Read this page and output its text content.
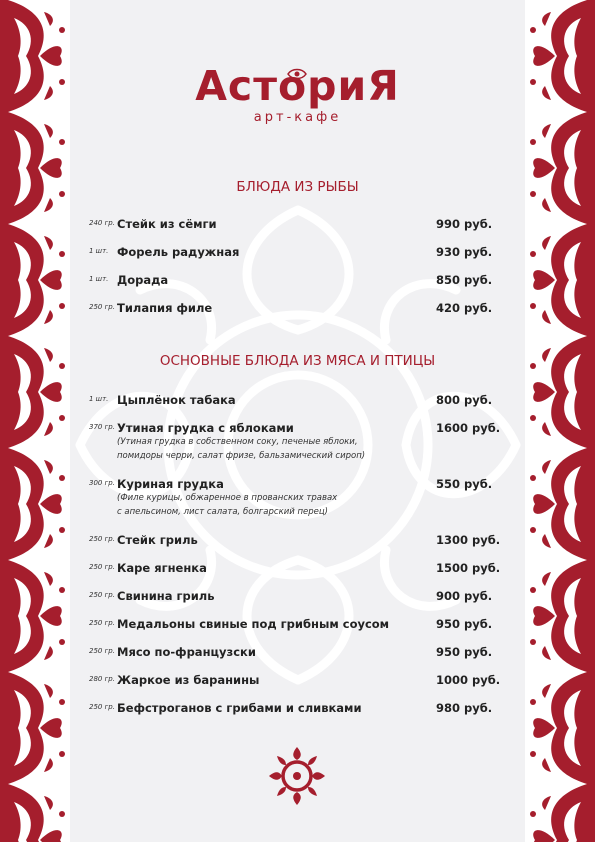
АсториЯ
арт-кафе
БЛЮДА ИЗ РЫБЫ
240 гр. Стейк из сёмги	990 руб.
1 шт. Форель радужная	930 руб.
1 шт. Дорада	850 руб.
250 гр. Тилапия филе	420 руб.
ОСНОВНЫЕ БЛЮДА ИЗ МЯСА И ПТИЦЫ
1 шт. Цыплёнок табака	800 руб.
370 гр. Утиная грудка с яблоками	1600 руб.
(Утиная грудка в собственном соку, печеные яблоки,
помидоры черри, салат фризе, бальзамический сироп)
300 гр. Куриная грудка	550 руб.
(Филе курицы, обжаренное в прованских травах
с апельсином, лист салата, болгарский перец)
250 гр. Стейк гриль	1300 руб.
250 гр. Каре ягненка	1500 руб.
250 гр. Свинина гриль	900 руб.
250 гр. Медальоны свиные под грибным соусом	950 руб.
250 гр. Мясо по-французски	950 руб.
280 гр. Жаркое из баранины	1000 руб.
250 гр. Бефстроганов с грибами и сливками	980 руб.
